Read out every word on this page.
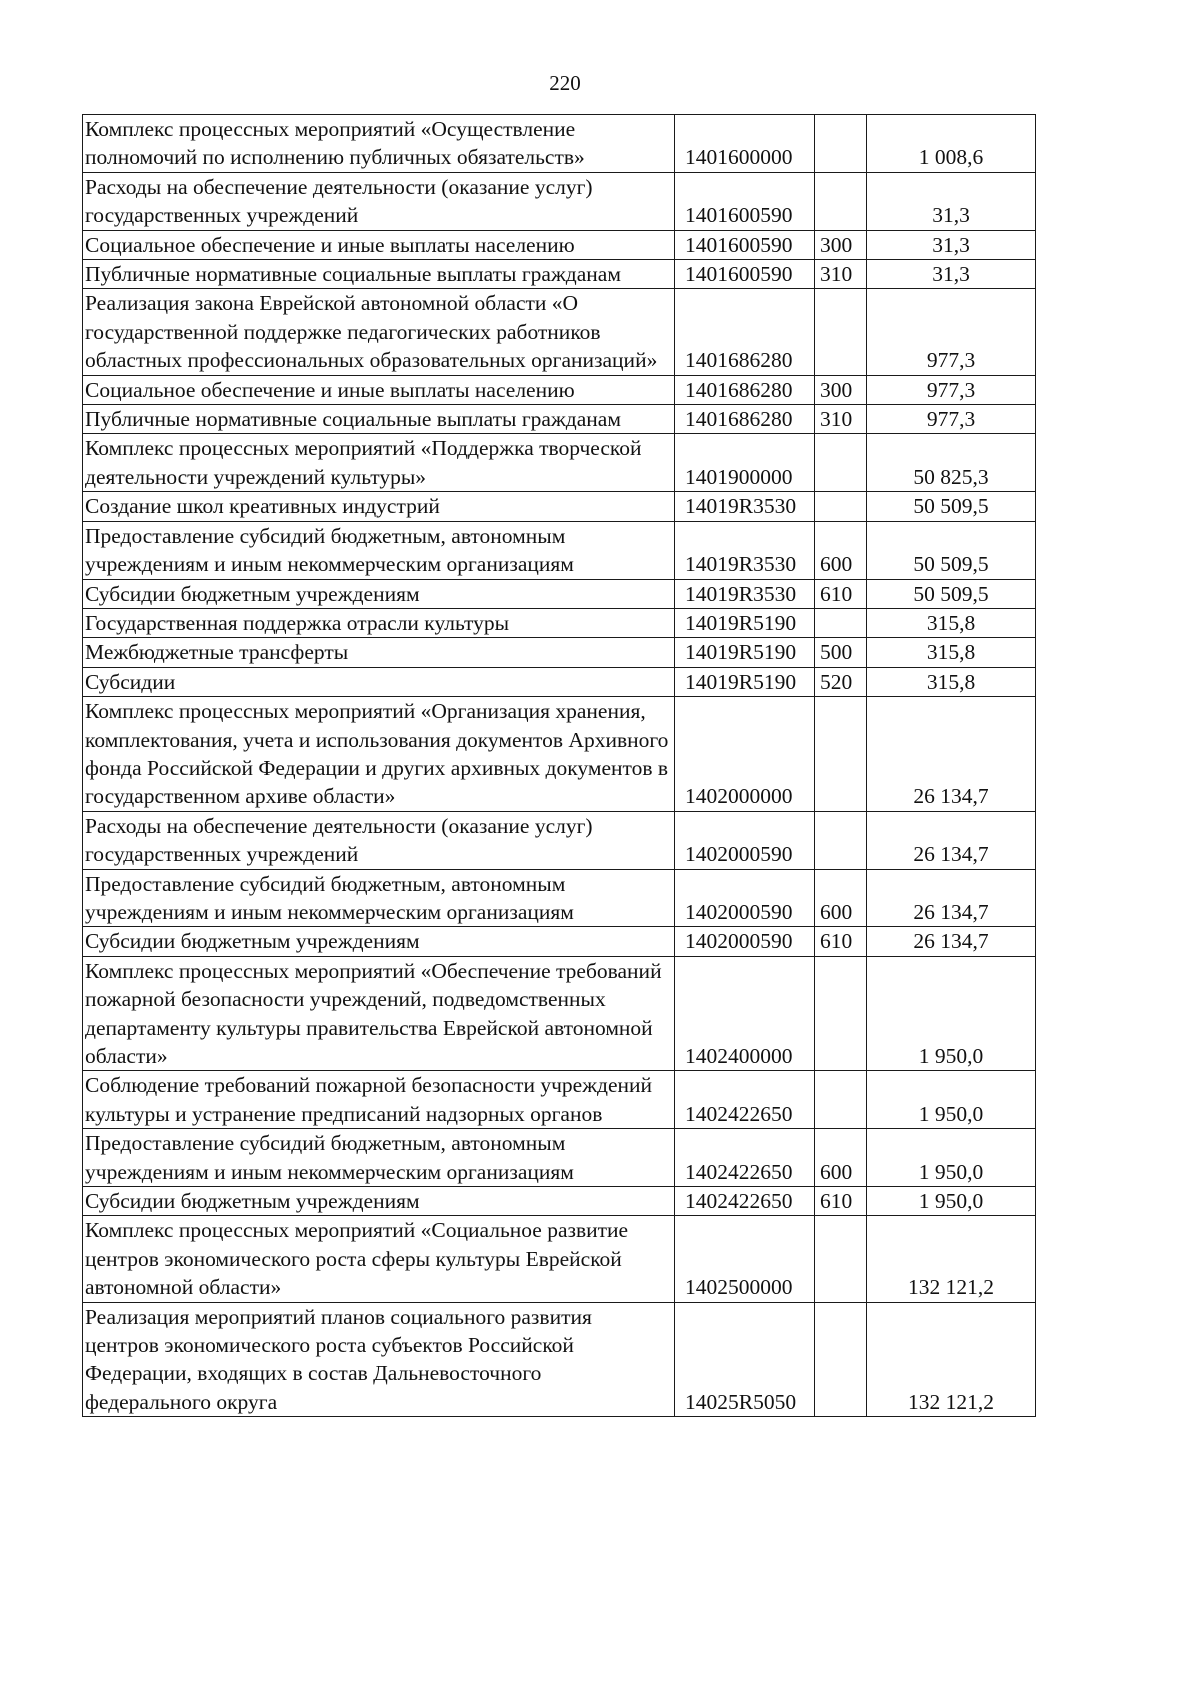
220
Комплекс процессных мероприятий «Осуществление полномочий по исполнению публичных обязательств»	1401600000		1 008,6
Расходы на обеспечение деятельности (оказание услуг) государственных учреждений	1401600590		31,3
Социальное обеспечение и иные выплаты населению	1401600590	300	31,3
Публичные нормативные социальные выплаты гражданам	1401600590	310	31,3
Реализация закона Еврейской автономной области «О государственной поддержке педагогических работников областных профессиональных образовательных организаций»	1401686280		977,3
Социальное обеспечение и иные выплаты населению	1401686280	300	977,3
Публичные нормативные социальные выплаты гражданам	1401686280	310	977,3
Комплекс процессных мероприятий «Поддержка творческой деятельности учреждений культуры»	1401900000		50 825,3
Создание школ креативных индустрий	14019R3530		50 509,5
Предоставление субсидий бюджетным, автономным учреждениям и иным некоммерческим организациям	14019R3530	600	50 509,5
Субсидии бюджетным учреждениям	14019R3530	610	50 509,5
Государственная поддержка отрасли культуры	14019R5190		315,8
Межбюджетные трансферты	14019R5190	500	315,8
Субсидии	14019R5190	520	315,8
Комплекс процессных мероприятий «Организация хранения, комплектования, учета и использования документов Архивного фонда Российской Федерации и других архивных документов в государственном архиве области»	1402000000		26 134,7
Расходы на обеспечение деятельности (оказание услуг) государственных учреждений	1402000590		26 134,7
Предоставление субсидий бюджетным, автономным учреждениям и иным некоммерческим организациям	1402000590	600	26 134,7
Субсидии бюджетным учреждениям	1402000590	610	26 134,7
Комплекс процессных мероприятий «Обеспечение требований пожарной безопасности учреждений, подведомственных департаменту культуры правительства Еврейской автономной области»	1402400000		1 950,0
Соблюдение требований пожарной безопасности учреждений культуры и устранение предписаний надзорных органов	1402422650		1 950,0
Предоставление субсидий бюджетным, автономным учреждениям и иным некоммерческим организациям	1402422650	600	1 950,0
Субсидии бюджетным учреждениям	1402422650	610	1 950,0
Комплекс процессных мероприятий «Социальное развитие центров экономического роста сферы культуры Еврейской автономной области»	1402500000		132 121,2
Реализация мероприятий планов социального развития центров экономического роста субъектов Российской Федерации, входящих в состав Дальневосточного федерального округа	14025R5050		132 121,2
